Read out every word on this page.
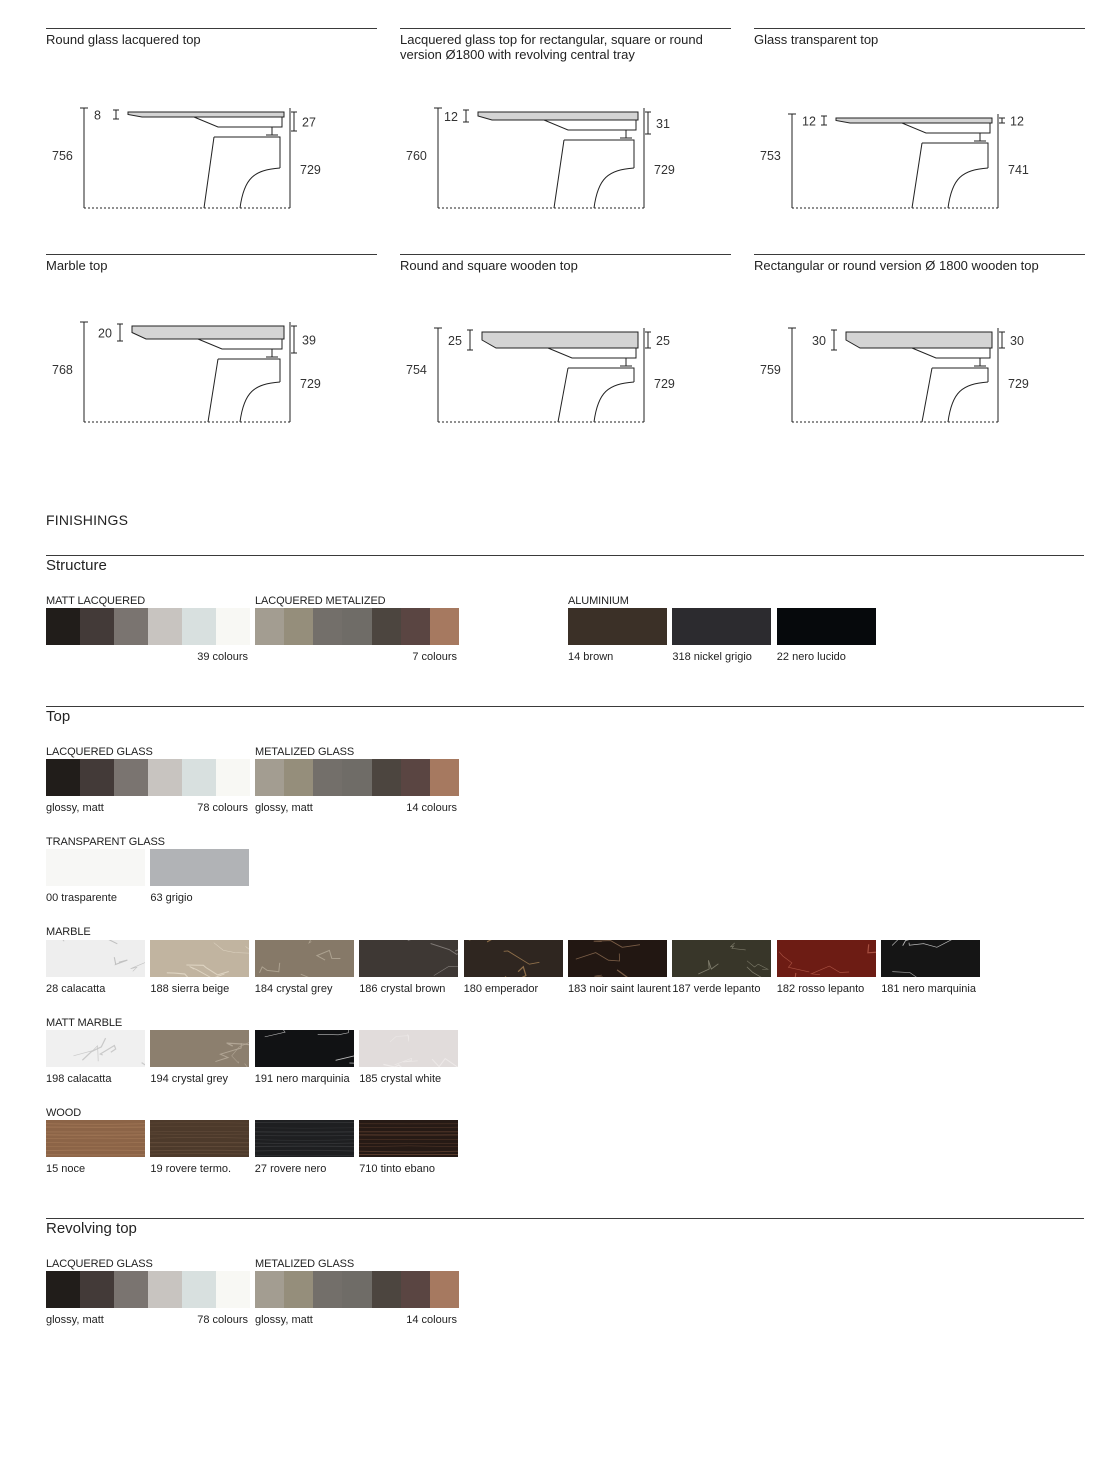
Round glass lacquered top
8
756
27
729
Lacquered glass top for rectangular, square or round version Ø1800 with revolving central tray
12
760
31
729
Glass transparent top
12
753
12
741
Marble top
20
768
39
729
Round and square wooden top
25
754
25
729
Rectangular or round version Ø 1800 wooden top
30
759
30
729
FINISHINGS
Structure
MATT LACQUERED
39 colours
LACQUERED METALIZED
7 colours
ALUMINIUM
14 brown	318 nickel grigio 22 nero lucido
Top
LACQUERED GLASS
glossy, matt	78 colours
METALIZED GLASS
glossy, matt	14 colours
TRANSPARENT GLASS
00 trasparente	63 grigio
MARBLE
28 calacatta	188 sierra beige 184 crystal grey 186 crystal brown 180 emperador	183 noir saint laurent 187 verde lepanto 182 rosso lepanto 181 nero marquinia
MATT MARBLE
198 calacatta	194 crystal grey 191 nero marquinia 185 crystal white
WOOD
15 noce	19 rovere termo. 27 rovere nero	710 tinto ebano
Revolving top
LACQUERED GLASS
glossy, matt	78 colours
METALIZED GLASS
glossy, matt	14 colours
